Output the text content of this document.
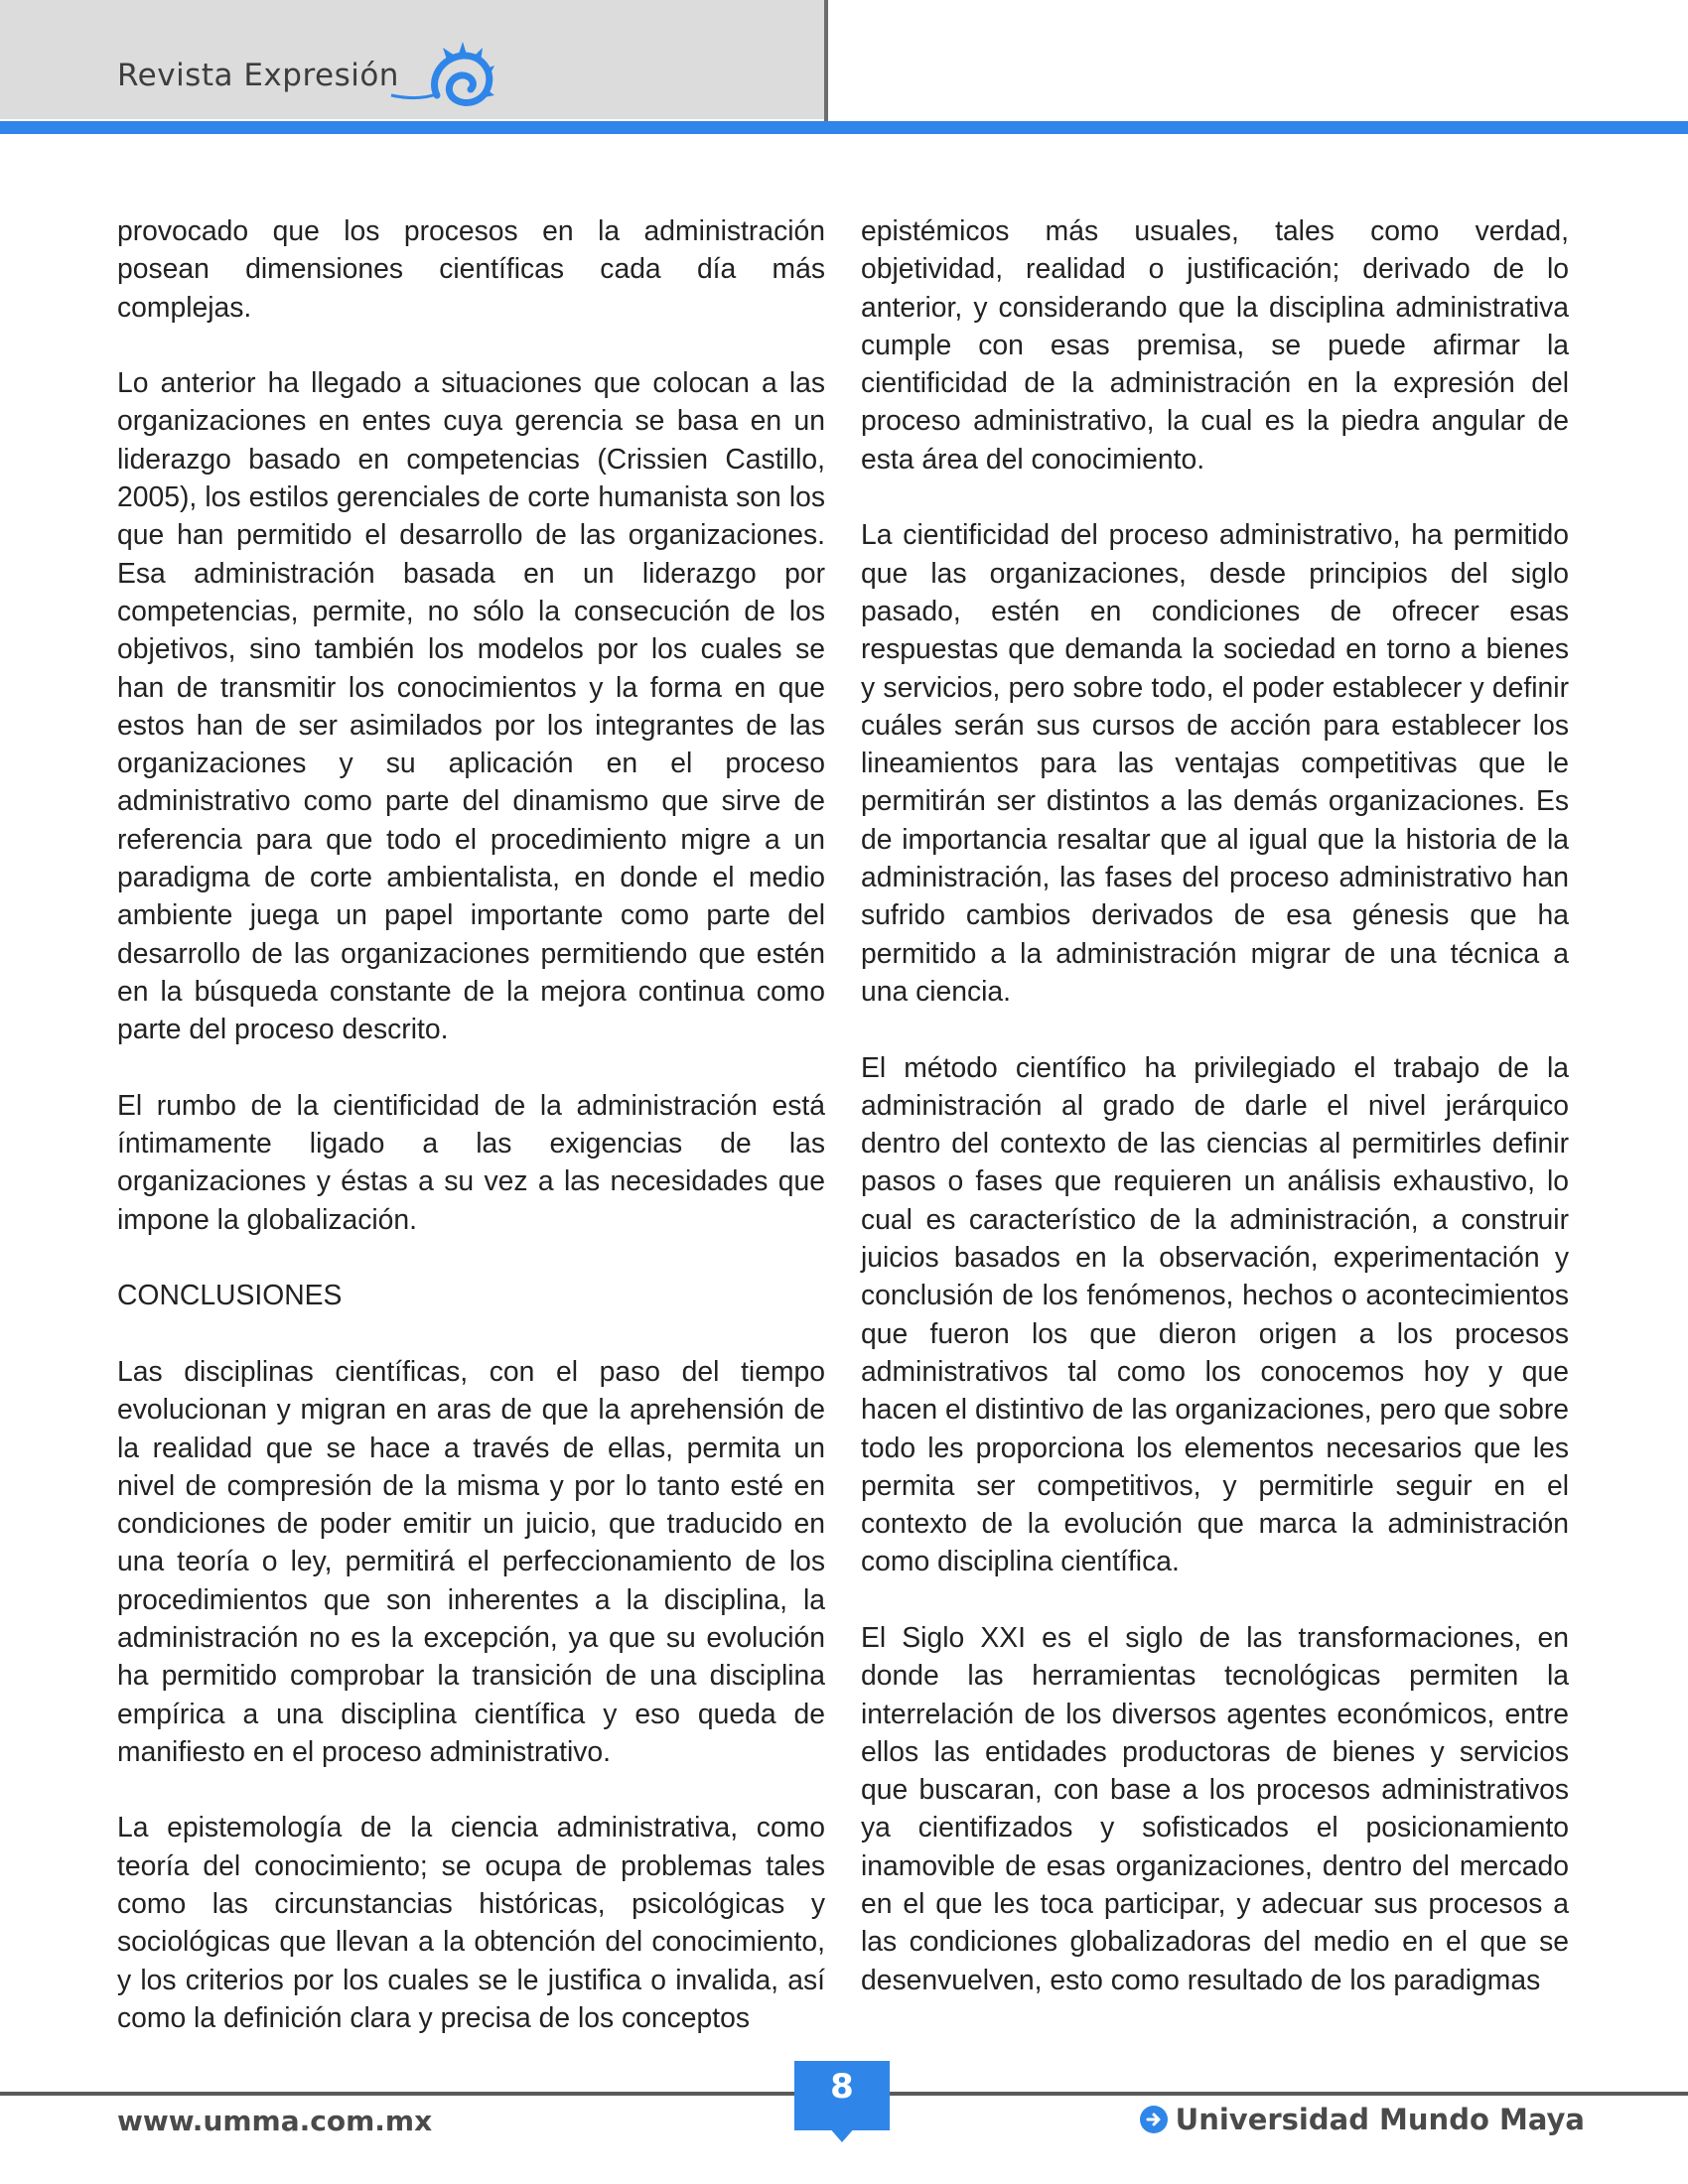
Revista Expresión

provocado que los procesos en la administración posean dimensiones científicas cada día más complejas.

Lo anterior ha llegado a situaciones que colocan a las organizaciones en entes cuya gerencia se basa en un liderazgo basado en competencias (Crissien Castillo, 2005), los estilos gerenciales de corte humanista son los que han permitido el desarrollo de las organizaciones. Esa administración basada en un liderazgo por competencias, permite, no sólo la consecución de los objetivos, sino también los modelos por los cuales se han de transmitir los conocimientos y la forma en que estos han de ser asimilados por los integrantes de las organizaciones y su aplicación en el proceso administrativo como parte del dinamismo que sirve de referencia para que todo el procedimiento migre a un paradigma de corte ambientalista, en donde el medio ambiente juega un papel importante como parte del desarrollo de las organizaciones permitiendo que estén en la búsqueda constante de la mejora continua como parte del proceso descrito.

El rumbo de la cientificidad de la administración está íntimamente ligado a las exigencias de las organizaciones y éstas a su vez a las necesidades que impone la globalización.

CONCLUSIONES

Las disciplinas científicas, con el paso del tiempo evolucionan y migran en aras de que la aprehensión de la realidad que se hace a través de ellas, permita un nivel de compresión de la misma y por lo tanto esté en condiciones de poder emitir un juicio, que traducido en una teoría o ley, permitirá el perfeccionamiento de los procedimientos que son inherentes a la disciplina, la administración no es la excepción, ya que su evolución ha permitido comprobar la transición de una disciplina empírica a una disciplina científica y eso queda de manifiesto en el proceso administrativo.

La epistemología de la ciencia administrativa, como teoría del conocimiento; se ocupa de problemas tales como las circunstancias históricas, psicológicas y sociológicas que llevan a la obtención del conocimiento, y los criterios por los cuales se le justifica o invalida, así como la definición clara y precisa de los conceptos

epistémicos más usuales, tales como verdad, objetividad, realidad o justificación; derivado de lo anterior, y considerando que la disciplina administrativa cumple con esas premisa, se puede afirmar la cientificidad de la administración en la expresión del proceso administrativo, la cual es la piedra angular de esta área del conocimiento.

La cientificidad del proceso administrativo, ha permitido que las organizaciones, desde principios del siglo pasado, estén en condiciones de ofrecer esas respuestas que demanda la sociedad en torno a bienes y servicios, pero sobre todo, el poder establecer y definir cuáles serán sus cursos de acción para establecer los lineamientos para las ventajas competitivas que le permitirán ser distintos a las demás organizaciones. Es de importancia resaltar que al igual que la historia de la administración, las fases del proceso administrativo han sufrido cambios derivados de esa génesis que ha permitido a la administración migrar de una técnica a una ciencia.

El método científico ha privilegiado el trabajo de la administración al grado de darle el nivel jerárquico dentro del contexto de las ciencias al permitirles definir pasos o fases que requieren un análisis exhaustivo, lo cual es característico de la administración, a construir juicios basados en la observación, experimentación y conclusión de los fenómenos, hechos o acontecimientos que fueron los que dieron origen a los procesos administrativos tal como los conocemos hoy y que hacen el distintivo de las organizaciones, pero que sobre todo les proporciona los elementos necesarios que les permita ser competitivos, y permitirle seguir en el contexto de la evolución que marca la administración como disciplina científica.

El Siglo XXI es el siglo de las transformaciones, en donde las herramientas tecnológicas permiten la interrelación de los diversos agentes económicos, entre ellos las entidades productoras de bienes y servicios que buscaran, con base a los procesos administrativos ya cientifizados y sofisticados el posicionamiento inamovible de esas organizaciones, dentro del mercado en el que les toca participar, y adecuar sus procesos a las condiciones globalizadoras del medio en el que se desenvuelven, esto como resultado de los paradigmas

8
www.umma.com.mx	Universidad Mundo Maya
